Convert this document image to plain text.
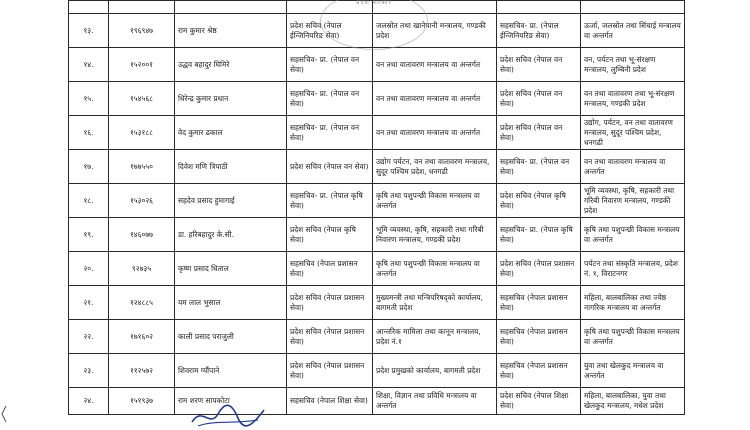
१३.	१९६९४७	राम कुमार श्रेष्ठ	प्रदेश सचिव (नेपाल ईन्जिनियरिङ सेवा)	जलस्रोत तथा खानेपानी मन्त्रालय, गण्डकी प्रदेश	सहसचिव- प्रा. (नेपाल ईन्जिनियरिङ सेवा)	ऊर्जा, जलस्रोत तथा सिंचाई मन्त्रालय वा अन्तर्गत
१४.	१५२००१	उद्धव बहादुर घिमिरे	सहसचिव- प्रा. (नेपाल वन सेवा)	वन तथा वातावरण मन्त्रालय वा अन्तर्गत	प्रदेश सचिव (नेपाल वन सेवा)	वन, पर्यटन तथा भू-संरक्षण मन्त्रालय, लुम्बिनी प्रदेश
१५.	१५४५६८	धिरेन्द्र कुमार प्रधान	सहसचिव- प्रा. (नेपाल वन सेवा)	वन तथा वातावरण मन्त्रालय वा अन्तर्गत	प्रदेश सचिव (नेपाल वन सेवा)	वन तथा वातावरण तथा भू-संरक्षण मन्त्रालय, गण्डकी प्रदेश
१६.	१५३१८८	वेद कुमार ढकाल	सहसचिव- प्रा. (नेपाल वन सेवा)	वन तथा वातावरण मन्त्रालय वा अन्तर्गत	प्रदेश सचिव (नेपाल वन सेवा)	उद्योग, पर्यटन, वन तथा वातावरण मन्त्रालय, सुदूर पश्चिम प्रदेश, धनगढी
१७.	१७७५५०	दिवेश मणि त्रिपाठी	प्रदेश सचिव (नेपाल वन सेवा)	उद्योग पर्यटन, वन तथा वातावरण मन्त्रालय, सुदूर पश्चिम प्रदेश, धनगढी	सहसचिव- प्रा. (नेपाल वन सेवा)	वन तथा वातावरण मन्त्रालय वा अन्तर्गत
१८.	१५३०२६	सहदेव प्रसाद हुमागाई	सहसचिव- प्रा. (नेपाल कृषि सेवा)	कृषि तथा पशुपन्छी विकास मन्त्रालय वा अन्तर्गत	प्रदेश सचिव (नेपाल कृषि सेवा)	भूमि व्यवस्था, कृषि, सहकारी तथा गरिबी निवारण मन्त्रालय, गण्डकी प्रदेश
१९.	१४६०७७	डा. हरिबहादुर के.सी.	प्रदेश सचिव (नेपाल कृषि सेवा)	भूमि व्यवस्था, कृषि, सहकारी तथा गरिबी निवारण मन्त्रालय, गण्डकी प्रदेश	सहसचिव- प्रा. (नेपाल कृषि सेवा)	कृषि तथा पशुपन्छी विकास मन्त्रालय वा अन्तर्गत
२०.	९२७३५	कृष्ण प्रसाद धिताल	सहसचिव (नेपाल प्रशासन सेवा)	कृषि तथा पशुपन्छी विकास मन्त्रालय वा अन्तर्गत	प्रदेश सचिव (नेपाल प्रशासन सेवा)	पर्यटन तथा संस्कृति मन्त्रालय, प्रदेश नं. १, विराटनगर
२१.	१२४८८५	यम लाल भुसाल	प्रदेश सचिव (नेपाल प्रशासन सेवा)	मुख्यमन्त्री तथा मन्त्रिपरिषद्को कार्यालय, बागमती प्रदेश	सहसचिव (नेपाल प्रशासन सेवा)	महिला, बालबालिका तथा ज्येष्ठ नागरिक मन्त्रालय वा अन्तर्गत
२२.	१७१६०२	काली प्रसाद पराजुली	प्रदेश सचिव (नेपाल प्रशासन सेवा)	आन्तरिक मामिला तथा कानून मन्त्रालय, प्रदेश नं.१	सहसचिव (नेपाल प्रशासन सेवा)	कृषि तथा पशुपन्छी विकास मन्त्रालय वा अन्तर्गत
२३.	११२५७२	शिवराम ग्यौंपाने	प्रदेश सचिव (नेपाल प्रशासन सेवा)	प्रदेश प्रमुखको कार्यालय, बागमती प्रदेश	सहसचिव (नेपाल प्रशासन सेवा)	युवा तथा खेलकुद मन्त्रालय वा अन्तर्गत
२४.	१५१९३७	राम शरण सापकोटा	सहसचिव (नेपाल शिक्षा सेवा)	शिक्षा, विज्ञान तथा प्रविधि मन्त्रालय वा अन्तर्गत	प्रदेश सचिव (नेपाल शिक्षा सेवा)	महिला, बालबालिका, युवा तथा खेलकुद मन्त्रालय, मधेश प्रदेश
प्रदेश सरकार
